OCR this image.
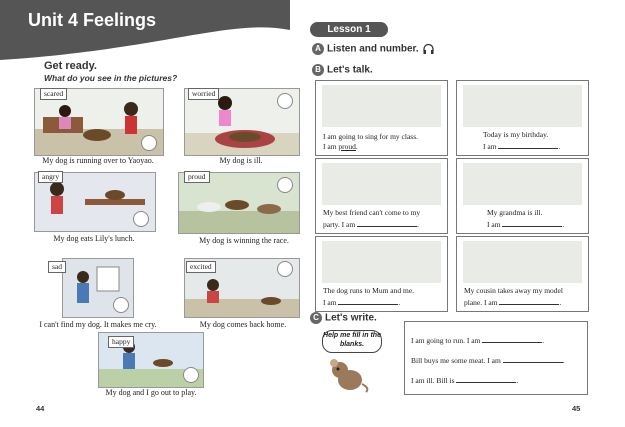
Unit 4 Feelings
Get ready.
What do you see in the pictures?
scared
My dog is running over to Yaoyao.
worried
My dog is ill.
angry
My dog eats Lily's lunch.
proud
My dog is winning the race.
sad
I can't find my dog. It makes me cry.
excited
My dog comes back home.
happy
My dog and I go out to play.
44
Lesson 1
A Listen and number.
B Let's talk.
I am going to sing for my class.
I am proud.
Today is my birthday.
I am	.
My best friend can't come to my
party. I am	.
My grandma is ill.
I am	.
The dog runs to Mum and me.
I am	.
My cousin takes away my model
plane. I am	.
C Let's write.
Help me fill in the blanks.	I am going to run. I am	.
Bill buys me some meat. I am	.
I am ill. Bill is	.
45
